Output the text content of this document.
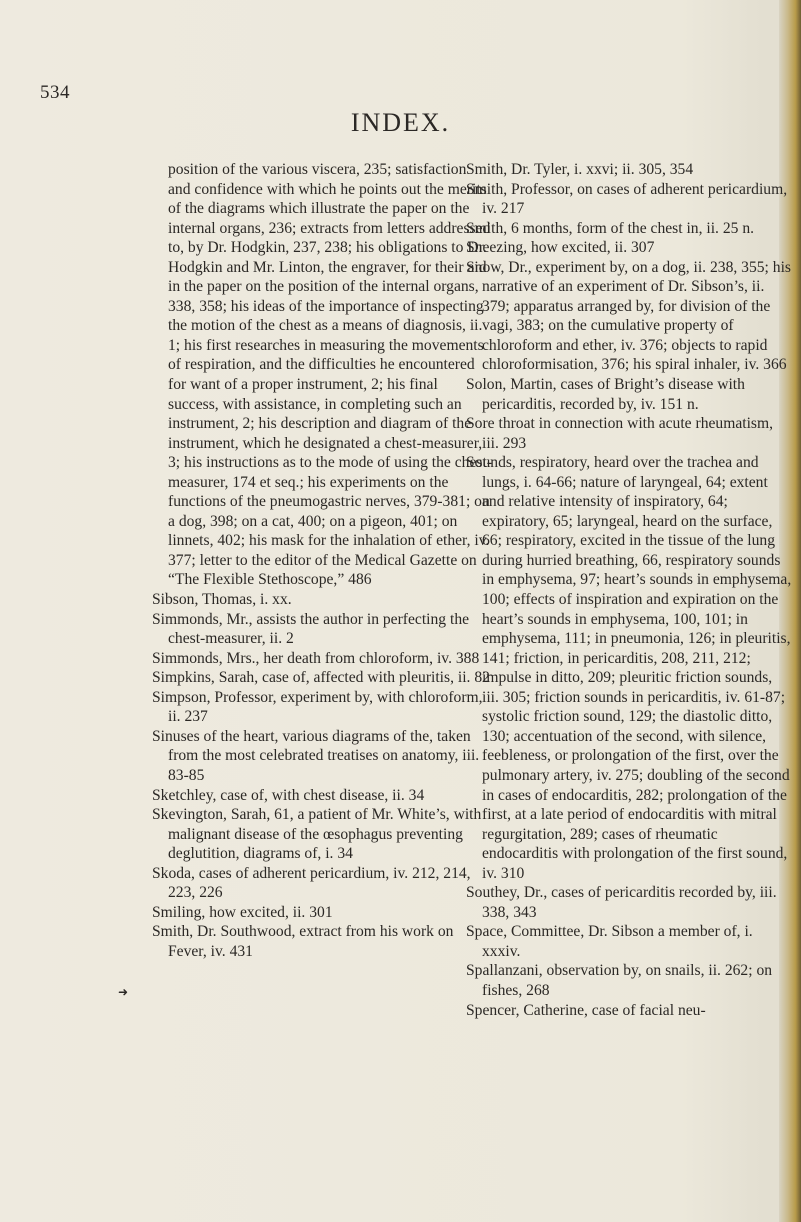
534
INDEX.
➜

position of the various viscera, 235; satisfaction and confidence with which he points out the merits of the diagrams which illustrate the paper on the internal organs, 236; extracts from letters addressed to, by Dr. Hodgkin, 237, 238; his obligations to Dr. Hodgkin and Mr. Linton, the engraver, for their aid in the paper on the position of the internal organs, 338, 358; his ideas of the importance of inspecting the motion of the chest as a means of diagnosis, ii. 1; his first researches in measuring the movements of respiration, and the difficulties he encountered for want of a proper instrument, 2; his final success, with assistance, in completing such an instrument, 2; his description and diagram of the instrument, which he designated a chest-measurer, 3; his instructions as to the mode of using the chest-measurer, 174 et seq.; his experiments on the functions of the pneumogastric nerves, 379-381; on a dog, 398; on a cat, 400; on a pigeon, 401; on linnets, 402; his mask for the inhalation of ether, iv. 377; letter to the editor of the Medical Gazette on “The Flexible Stethoscope,” 486

Sibson, Thomas, i. xx.

Simmonds, Mr., assists the author in perfecting the chest-measurer, ii. 2

Simmonds, Mrs., her death from chloroform, iv. 388

Simpkins, Sarah, case of, affected with pleuritis, ii. 82

Simpson, Professor, experiment by, with chloroform, ii. 237

Sinuses of the heart, various diagrams of the, taken from the most celebrated treatises on anatomy, iii. 83-85

Sketchley, case of, with chest disease, ii. 34

Skevington, Sarah, 61, a patient of Mr. White’s, with malignant disease of the œsophagus preventing deglutition, diagrams of, i. 34

Skoda, cases of adherent pericardium, iv. 212, 214, 223, 226

Smiling, how excited, ii. 301

Smith, Dr. Southwood, extract from his work on Fever, iv. 431

Smith, Dr. Tyler, i. xxvi; ii. 305, 354

Smith, Professor, on cases of adherent pericardium, iv. 217

Smith, 6 months, form of the chest in, ii. 25 n.

Sneezing, how excited, ii. 307

Snow, Dr., experiment by, on a dog, ii. 238, 355; his narrative of an experiment of Dr. Sibson’s, ii. 379; apparatus arranged by, for division of the vagi, 383; on the cumulative property of chloroform and ether, iv. 376; objects to rapid chloroformisation, 376; his spiral inhaler, iv. 366

Solon, Martin, cases of Bright’s disease with pericarditis, recorded by, iv. 151 n.

Sore throat in connection with acute rheumatism, iii. 293

Sounds, respiratory, heard over the trachea and lungs, i. 64-66; nature of laryngeal, 64; extent and relative intensity of inspiratory, 64; expiratory, 65; laryngeal, heard on the surface, 66; respiratory, excited in the tissue of the lung during hurried breathing, 66, respiratory sounds in emphysema, 97; heart’s sounds in emphysema, 100; effects of inspiration and expiration on the heart’s sounds in emphysema, 100, 101; in emphysema, 111; in pneumonia, 126; in pleuritis, 141; friction, in pericarditis, 208, 211, 212; impulse in ditto, 209; pleuritic friction sounds, iii. 305; friction sounds in pericarditis, iv. 61-87; systolic friction sound, 129; the diastolic ditto, 130; accentuation of the second, with silence, feebleness, or prolongation of the first, over the pulmonary artery, iv. 275; doubling of the second in cases of endocarditis, 282; prolongation of the first, at a late period of endocarditis with mitral regurgitation, 289; cases of rheumatic endocarditis with prolongation of the first sound, iv. 310

Southey, Dr., cases of pericarditis recorded by, iii. 338, 343

Space, Committee, Dr. Sibson a member of, i. xxxiv.

Spallanzani, observation by, on snails, ii. 262; on fishes, 268

Spencer, Catherine, case of facial neu-
